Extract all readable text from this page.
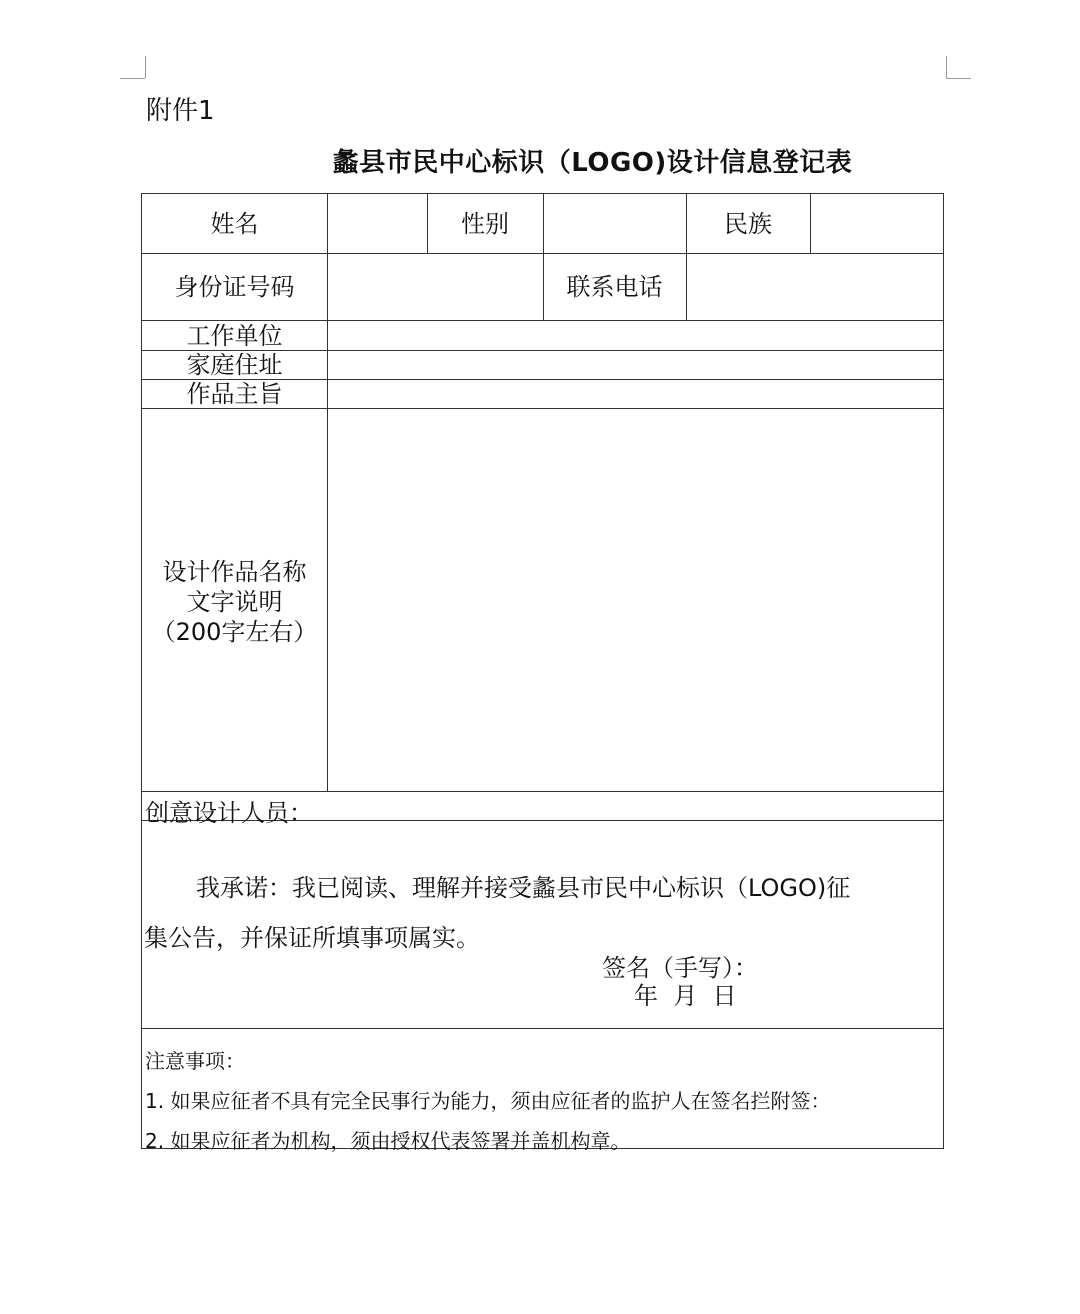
附件1
蠡县市民中心标识（LOGO)设计信息登记表
姓名	性别	民族
身份证号码	联系电话
工作单位
家庭住址
作品主旨
设计作品名称
文字说明
（200字左右）
创意设计人员：
我承诺：我已阅读、理解并接受蠡县市民中心标识（LOGO)征
集公告，并保证所填事项属实。
签名（手写）：
年  月  日
注意事项：
1. 如果应征者不具有完全民事行为能力，须由应征者的监护人在签名拦附签：
2. 如果应征者为机构，须由授权代表签署并盖机构章。
